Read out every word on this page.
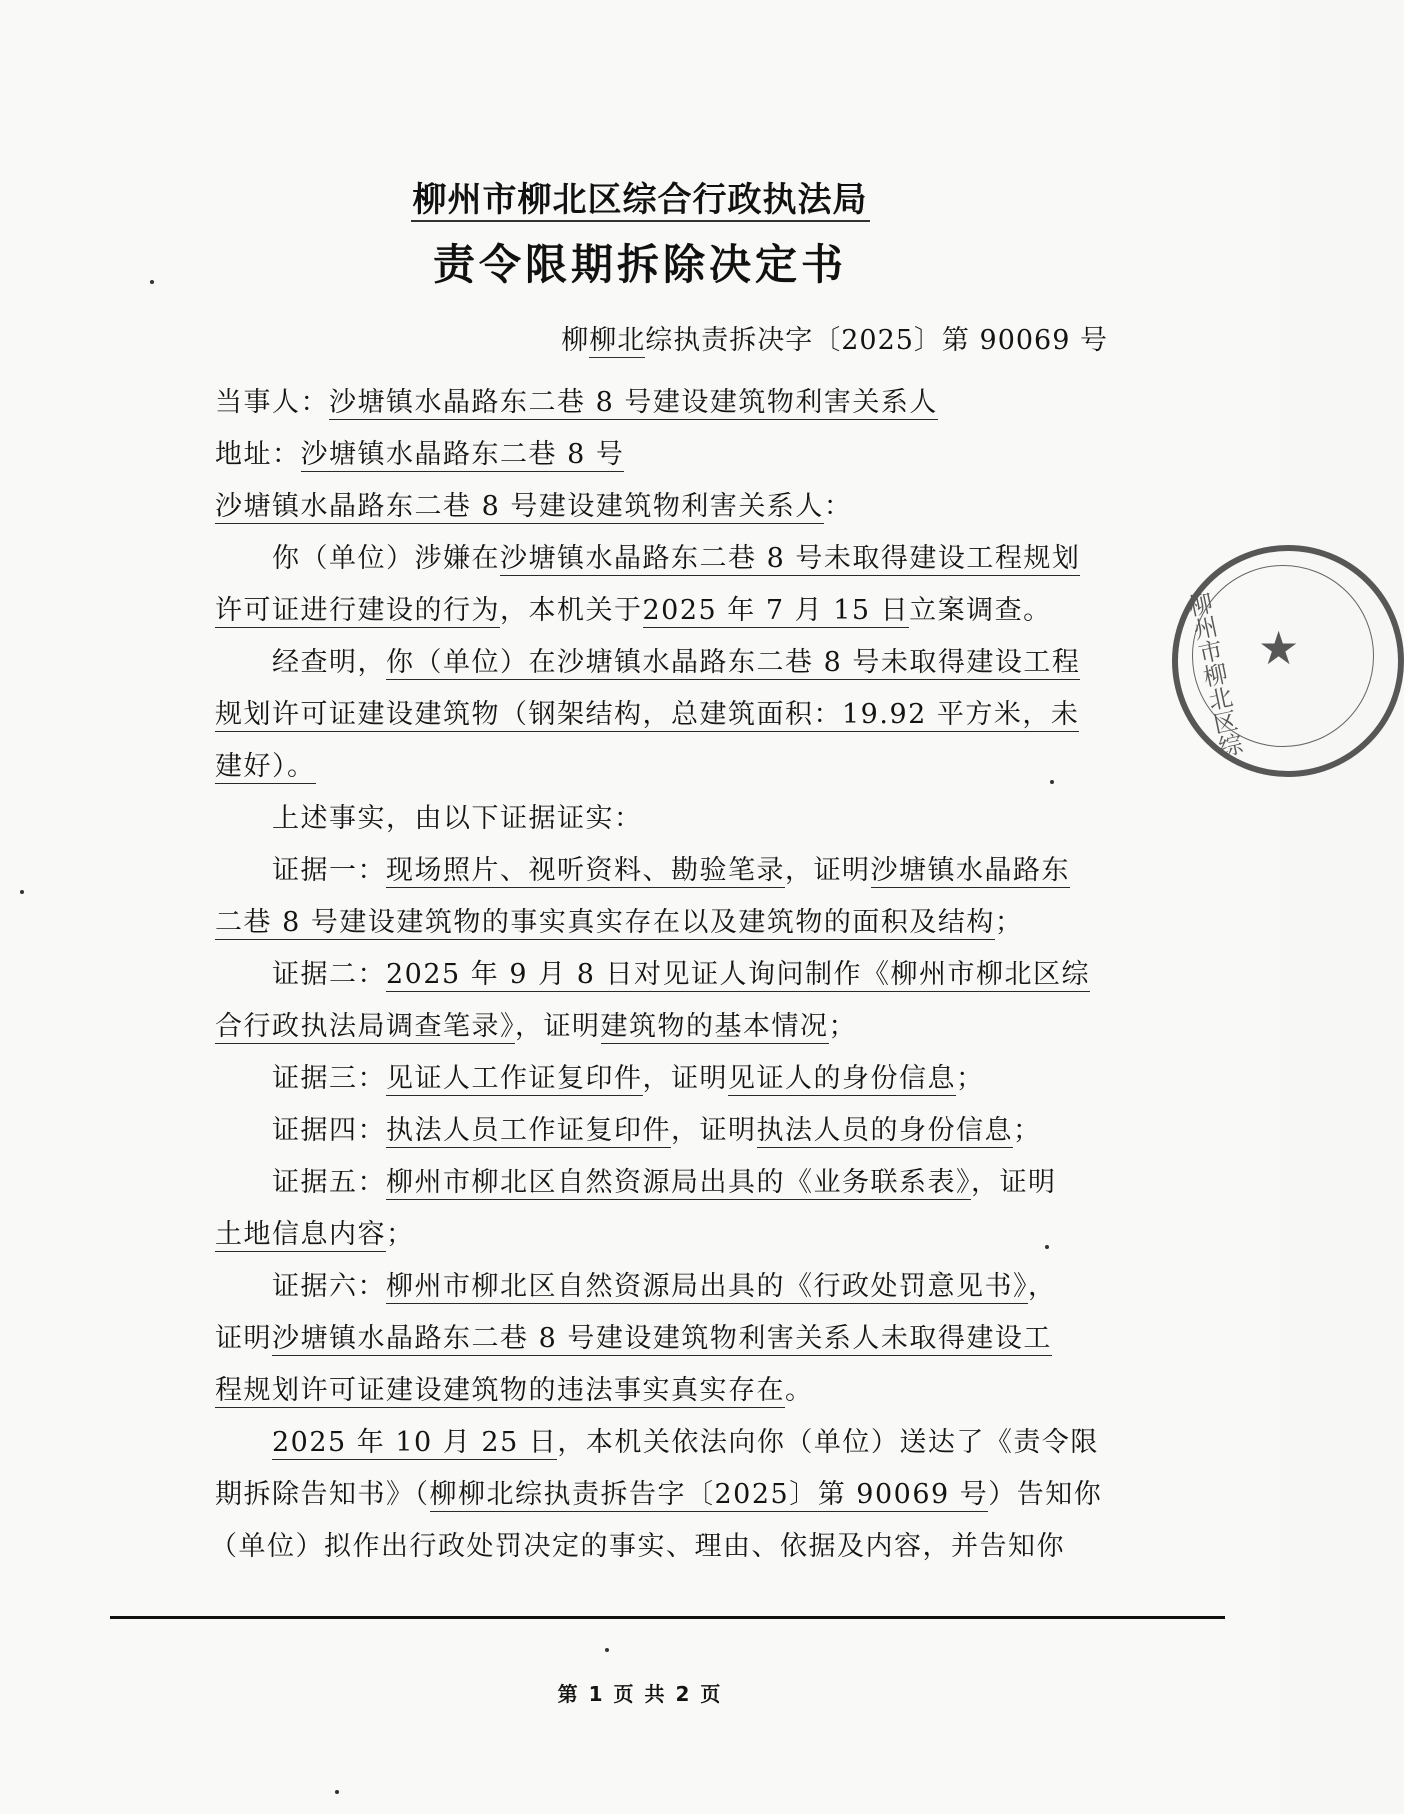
柳州市柳北区综合行政执法局
责令限期拆除决定书
柳柳北综执责拆决字〔2025〕第 90069 号
当事人：沙塘镇水晶路东二巷 8 号建设建筑物利害关系人
地址：沙塘镇水晶路东二巷 8 号
沙塘镇水晶路东二巷 8 号建设建筑物利害关系人：
你（单位）涉嫌在沙塘镇水晶路东二巷 8 号未取得建设工程规划
许可证进行建设的行为，本机关于2025 年 7 月 15 日立案调查。
经查明，你（单位）在沙塘镇水晶路东二巷 8 号未取得建设工程
规划许可证建设建筑物（钢架结构，总建筑面积：19.92 平方米，未
建好）。
上述事实，由以下证据证实：
证据一：现场照片、视听资料、勘验笔录，证明沙塘镇水晶路东
二巷 8 号建设建筑物的事实真实存在以及建筑物的面积及结构；
证据二：2025 年 9 月 8 日对见证人询问制作《柳州市柳北区综
合行政执法局调查笔录》，证明建筑物的基本情况；
证据三：见证人工作证复印件，证明见证人的身份信息；
证据四：执法人员工作证复印件，证明执法人员的身份信息；
证据五：柳州市柳北区自然资源局出具的《业务联系表》，证明
土地信息内容；
证据六：柳州市柳北区自然资源局出具的《行政处罚意见书》，
证明沙塘镇水晶路东二巷 8 号建设建筑物利害关系人未取得建设工
程规划许可证建设建筑物的违法事实真实存在。
2025 年 10 月 25 日，本机关依法向你（单位）送达了《责令限
期拆除告知书》（柳柳北综执责拆告字〔2025〕第 90069 号）告知你
（单位）拟作出行政处罚决定的事实、理由、依据及内容，并告知你
柳州市柳北区综 ★
第 1 页 共 2 页
